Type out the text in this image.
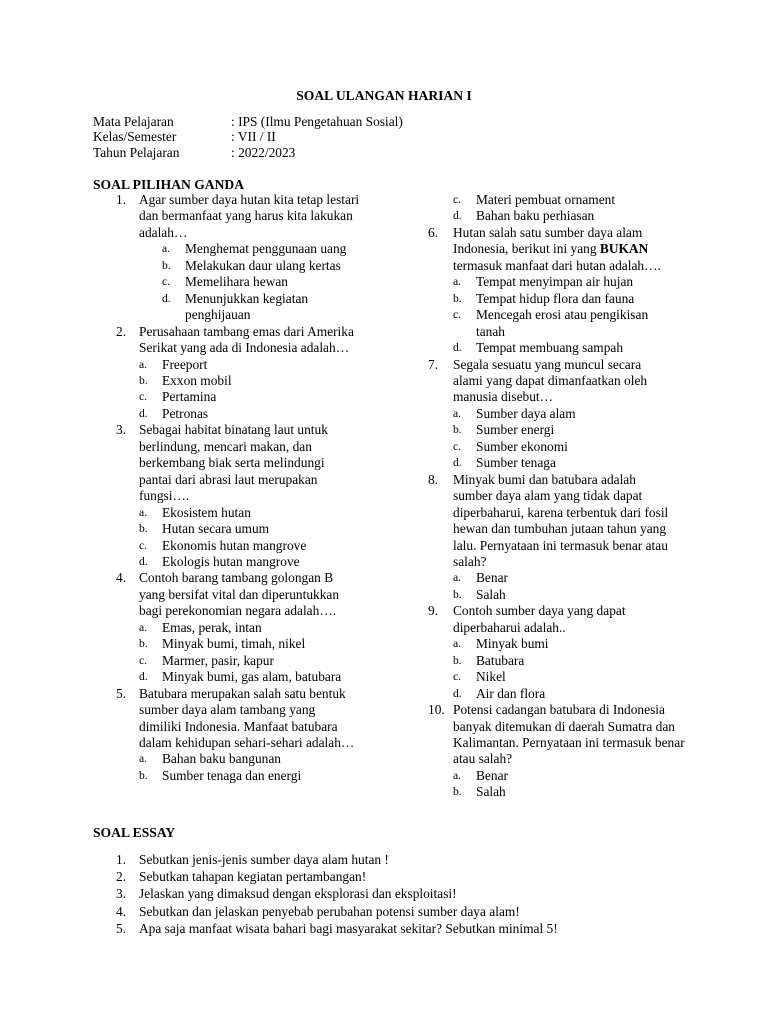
SOAL ULANGAN HARIAN I
Mata Pelajaran	: IPS (Ilmu Pengetahuan Sosial)
Kelas/Semester	: VII / II
Tahun Pelajaran	: 2022/2023
SOAL PILIHAN GANDA
1. Agar sumber daya hutan kita tetap lestari dan bermanfaat yang harus kita lakukan adalah…
a.	Menghemat penggunaan uang
b.	Melakukan daur ulang kertas
c.	Memelihara hewan
d.	Menunjukkan kegiatan penghijauan
2. Perusahaan tambang emas dari Amerika Serikat yang ada di Indonesia adalah…
a.	Freeport
b.	Exxon mobil
c.	Pertamina
d.	Petronas
3. Sebagai habitat binatang laut untuk berlindung, mencari makan, dan berkembang biak serta melindungi pantai dari abrasi laut merupakan fungsi….
a.	Ekosistem hutan
b.	Hutan secara umum
c.	Ekonomis hutan mangrove
d.	Ekologis hutan mangrove
4. Contoh barang tambang golongan B yang bersifat vital dan diperuntukkan bagi perekonomian negara adalah….
a.	Emas, perak, intan
b.	Minyak bumi, timah, nikel
c.	Marmer, pasir, kapur
d.	Minyak bumi, gas alam, batubara
5. Batubara merupakan salah satu bentuk sumber daya alam tambang yang dimiliki Indonesia. Manfaat batubara dalam kehidupan sehari-sehari adalah…
a.	Bahan baku bangunan
b.	Sumber tenaga dan energi
c.	Materi pembuat ornament
d.	Bahan baku perhiasan
6.	Hutan salah satu sumber daya alam Indonesia, berikut ini yang BUKAN termasuk manfaat dari hutan adalah….
a.	Tempat menyimpan air hujan
b.	Tempat hidup flora dan fauna
c.	Mencegah erosi atau pengikisan tanah
d.	Tempat membuang sampah
7.	Segala sesuatu yang muncul secara alami yang dapat dimanfaatkan oleh manusia disebut…
a.	Sumber daya alam
b.	Sumber energi
c.	Sumber ekonomi
d.	Sumber tenaga
8.	Minyak bumi dan batubara adalah sumber daya alam yang tidak dapat diperbaharui, karena terbentuk dari fosil hewan dan tumbuhan jutaan tahun yang lalu. Pernyataan ini termasuk benar atau salah?
a.	Benar
b.	Salah
9.	Contoh sumber daya yang dapat diperbaharui adalah..
a.	Minyak bumi
b.	Batubara
c.	Nikel
d.	Air dan flora
10. Potensi cadangan batubara di Indonesia banyak ditemukan di daerah Sumatra dan Kalimantan. Pernyataan ini termasuk benar atau salah?
a.	Benar
b.	Salah
SOAL ESSAY
1. Sebutkan jenis-jenis sumber daya alam hutan !
2. Sebutkan tahapan kegiatan pertambangan!
3. Jelaskan yang dimaksud dengan eksplorasi dan eksploitasi!
4. Sebutkan dan jelaskan penyebab perubahan potensi sumber daya alam!
5. Apa saja manfaat wisata bahari bagi masyarakat sekitar? Sebutkan minimal 5!
